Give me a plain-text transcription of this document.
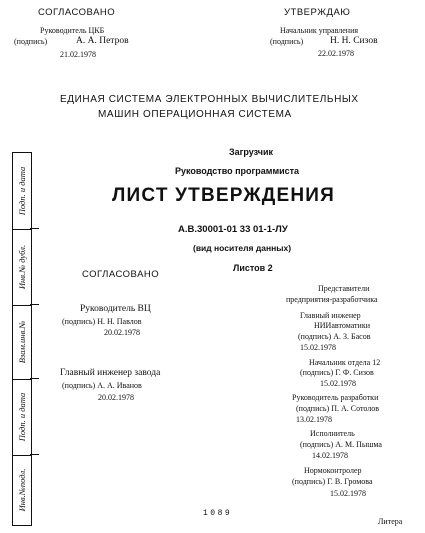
СОГЛАСОВАНО
Руководитель ЦКБ
(подпись)	А. А. Петров
21.02.1978
УТВЕРЖДАЮ
Начальник управления
(подпись)	Н. Н. Сизов
22.02.1978
ЕДИНАЯ СИСТЕМА ЭЛЕКТРОННЫХ ВЫЧИСЛИТЕЛЬНЫХ
МАШИН ОПЕРАЦИОННАЯ СИСТЕМА
Загрузчик
Руководство программиста
ЛИСТ УТВЕРЖДЕНИЯ
А.В.30001-01 33 01-1-ЛУ
(вид носителя данных)
Листов 2
СОГЛАСОВАНО
Руководитель ВЦ
(подпись) Н. Н. Павлов
20.02.1978
Главный инженер завода
(подпись) А. А. Иванов
20.02.1978
Представители
предприятия-разработчика
Главный инженер
НИИавтоматики
(подпись) А. З. Басов
15.02.1978
Начальник отдела 12
(подпись) Г. Ф. Сизов
15.02.1978
Руководитель разработки
(подпись) П. А. Сотолов
13.02.1978
Исполнитель
(подпись) А. М. Пышма
14.02.1978
Нормоконтролер
(подпись) Г. В. Громова
15.02.1978
Подп. и дата
Инв.№ дубл.
Взам.инв.№
Подп. и дата
Инв.№подл.
1089
Литера
